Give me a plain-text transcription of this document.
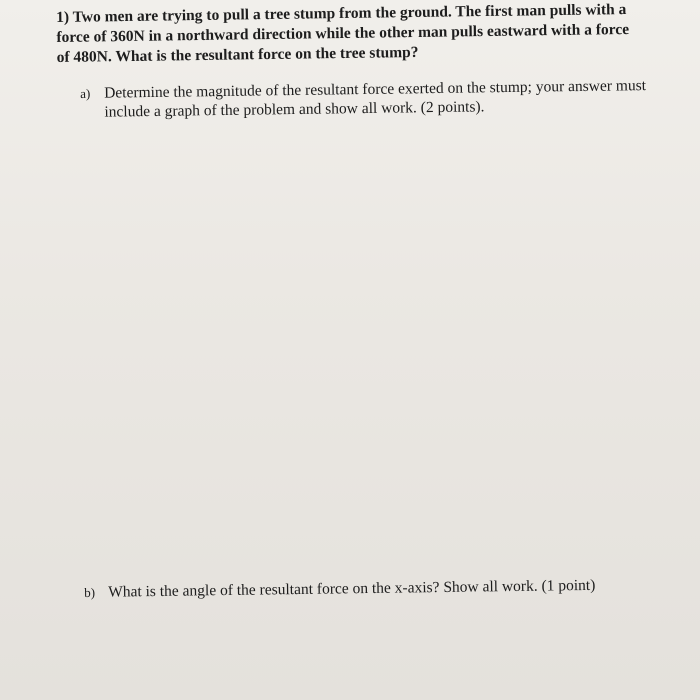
1) Two men are trying to pull a tree stump from the ground. The first man pulls with a
force of 360N in a northward direction while the other man pulls eastward with a force
of 480N. What is the resultant force on the tree stump?
a) Determine the magnitude of the resultant force exerted on the stump; your answer must
include a graph of the problem and show all work. (2 points).
b) What is the angle of the resultant force on the x-axis? Show all work. (1 point)
